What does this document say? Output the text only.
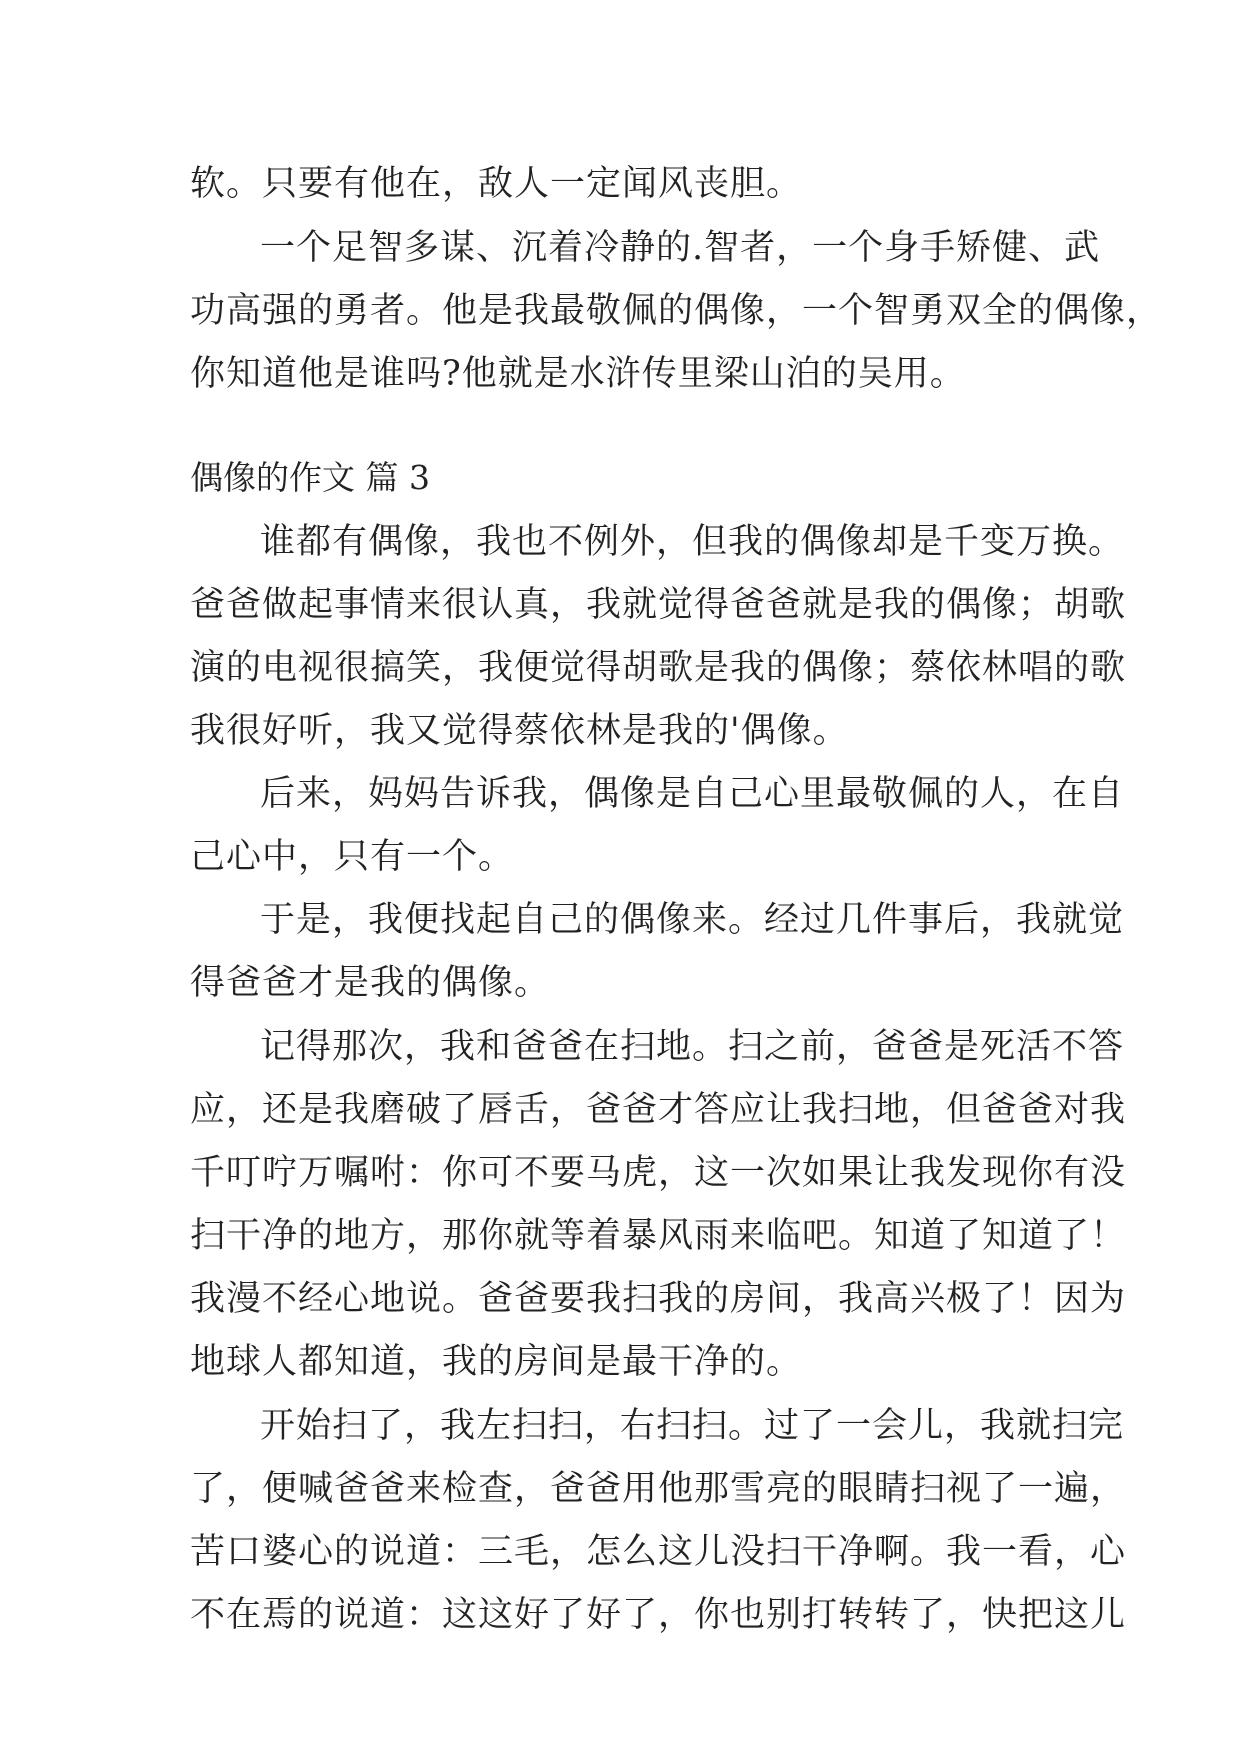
软。只要有他在，敌人一定闻风丧胆。
一个足智多谋、沉着冷静的.智者，一个身手矫健、武
功高强的勇者。他是我最敬佩的偶像，一个智勇双全的偶像，
你知道他是谁吗?他就是水浒传里梁山泊的吴用。
偶像的作文 篇 3
谁都有偶像，我也不例外，但我的偶像却是千变万换。
爸爸做起事情来很认真，我就觉得爸爸就是我的偶像；胡歌
演的电视很搞笑，我便觉得胡歌是我的偶像；蔡依林唱的歌
我很好听，我又觉得蔡依林是我的'偶像。
后来，妈妈告诉我，偶像是自己心里最敬佩的人，在自
己心中，只有一个。
于是，我便找起自己的偶像来。经过几件事后，我就觉
得爸爸才是我的偶像。
记得那次，我和爸爸在扫地。扫之前，爸爸是死活不答
应，还是我磨破了唇舌，爸爸才答应让我扫地，但爸爸对我
千叮咛万嘱咐：你可不要马虎，这一次如果让我发现你有没
扫干净的地方，那你就等着暴风雨来临吧。知道了知道了！
我漫不经心地说。爸爸要我扫我的房间，我高兴极了！因为
地球人都知道，我的房间是最干净的。
开始扫了，我左扫扫，右扫扫。过了一会儿，我就扫完
了，便喊爸爸来检查，爸爸用他那雪亮的眼睛扫视了一遍，
苦口婆心的说道：三毛，怎么这儿没扫干净啊。我一看，心
不在焉的说道：这这好了好了，你也别打转转了，快把这儿
